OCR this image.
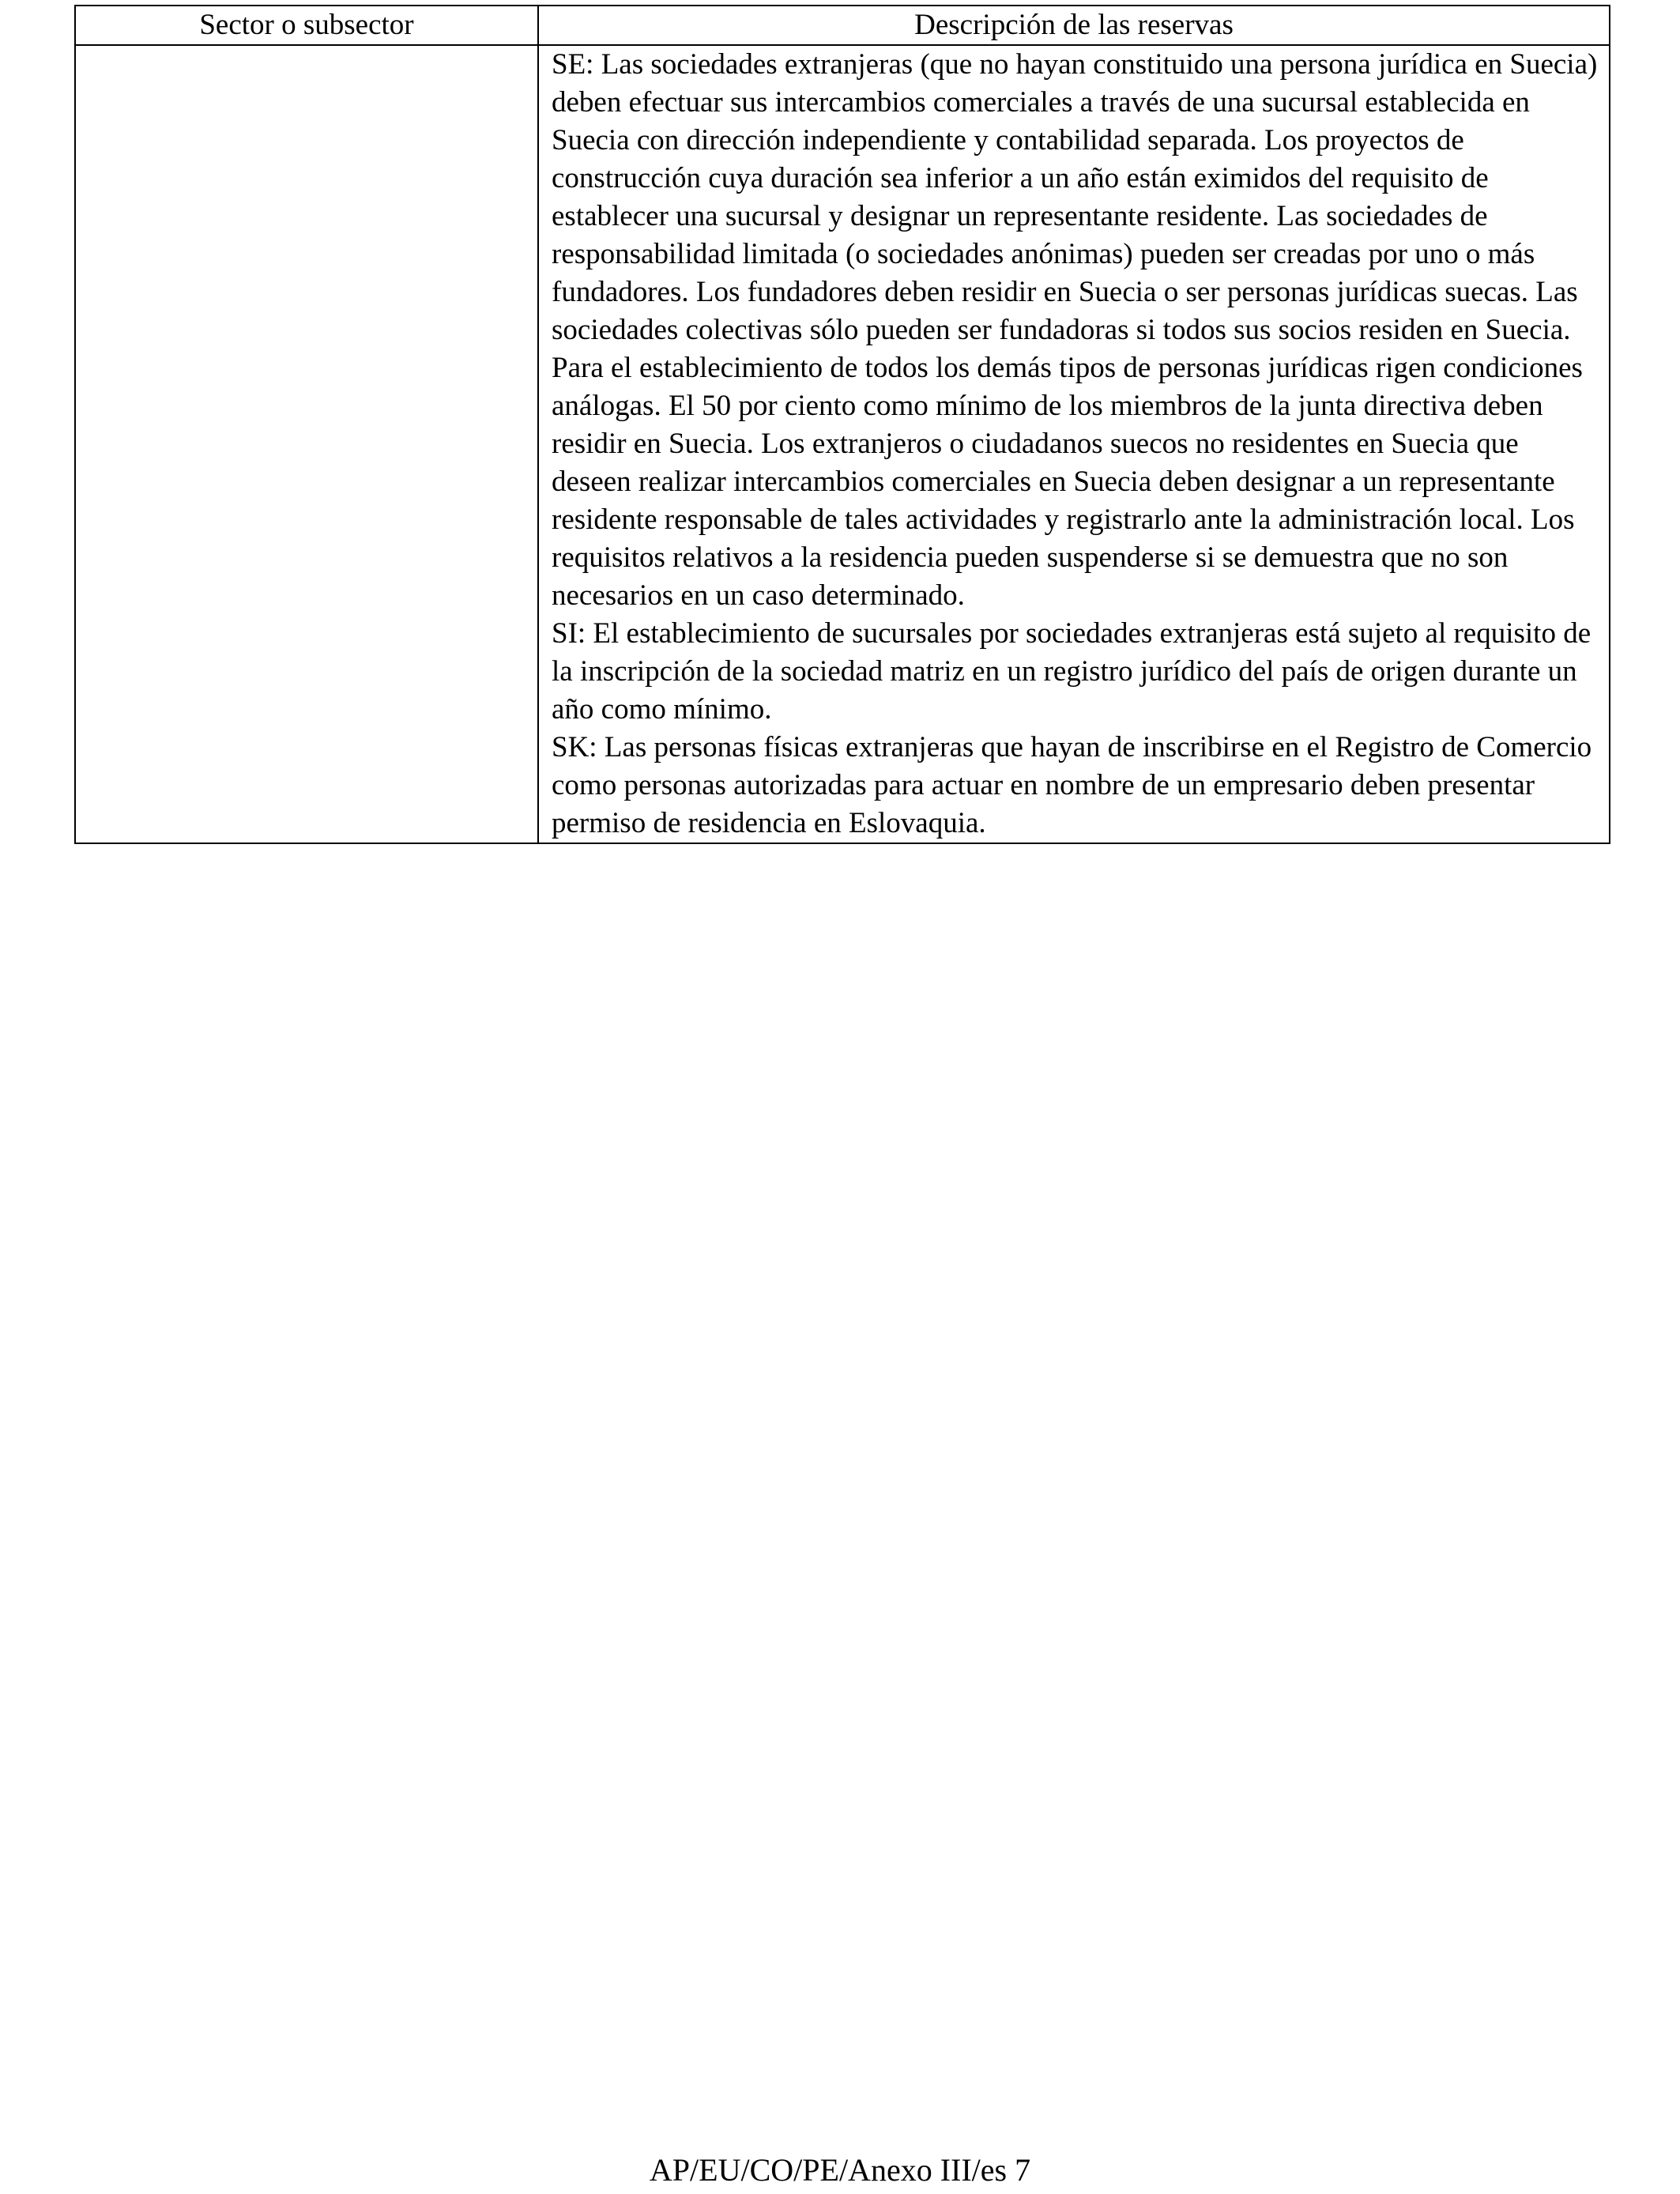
Sector o subsector	Descripción de las reservas

	SE: Las sociedades extranjeras (que no hayan constituido una persona jurídica en Suecia) deben efectuar sus intercambios comerciales a través de una sucursal establecida en Suecia con dirección independiente y contabilidad separada. Los proyectos de construcción cuya duración sea inferior a un año están eximidos del requisito de establecer una sucursal y designar un representante residente. Las sociedades de responsabilidad limitada (o sociedades anónimas) pueden ser creadas por uno o más fundadores. Los fundadores deben residir en Suecia o ser personas jurídicas suecas. Las sociedades colectivas sólo pueden ser fundadoras si todos sus socios residen en Suecia. Para el establecimiento de todos los demás tipos de personas jurídicas rigen condiciones análogas. El 50 por ciento como mínimo de los miembros de la junta directiva deben residir en Suecia. Los extranjeros o ciudadanos suecos no residentes en Suecia que deseen realizar intercambios comerciales en Suecia deben designar a un representante residente responsable de tales actividades y registrarlo ante la administración local. Los requisitos relativos a la residencia pueden suspenderse si se demuestra que no son necesarios en un caso determinado.

SI: El establecimiento de sucursales por sociedades extranjeras está sujeto al requisito de la inscripción de la sociedad matriz en un registro jurídico del país de origen durante un año como mínimo.

SK: Las personas físicas extranjeras que hayan de inscribirse en el Registro de Comercio como personas autorizadas para actuar en nombre de un empresario deben presentar permiso de residencia en Eslovaquia.

AP/EU/CO/PE/Anexo III/es 7
